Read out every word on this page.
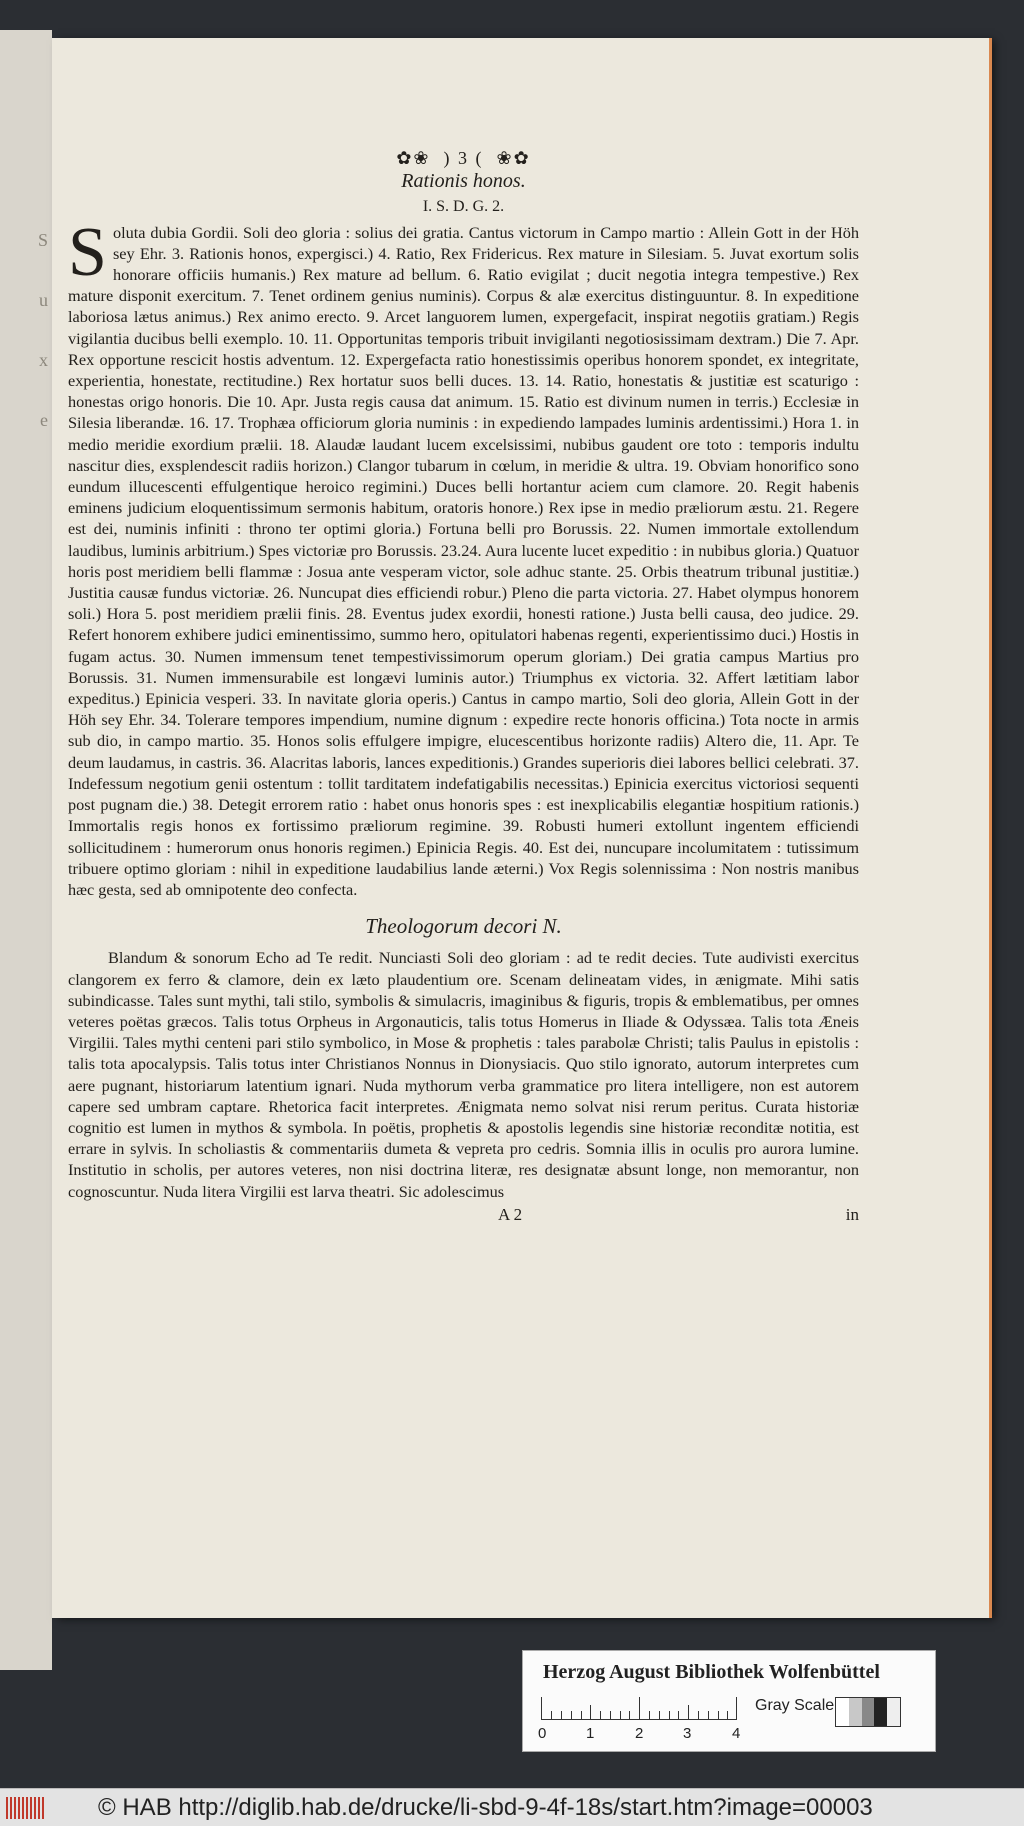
S
u
x
e
✿❀ ) 3 ( ❀✿
Rationis honos.
I. S. D. G. 2.
Soluta dubia Gordii. Soli deo gloria : solius dei gratia. Cantus victorum in Campo martio : Allein Gott in der Höh sey Ehr. 3. Rationis honos, expergisci.) 4. Ratio, Rex Fridericus. Rex mature in Silesiam. 5. Juvat exortum solis honorare officiis humanis.) Rex mature ad bellum. 6. Ratio evigilat ; ducit negotia integra tempestive.) Rex mature disponit exercitum. 7. Tenet ordinem genius numinis). Corpus & alæ exercitus distinguuntur. 8. In expeditione laboriosa lætus animus.) Rex animo erecto. 9. Arcet languorem lumen, expergefacit, inspirat negotiis gratiam.) Regis vigilantia ducibus belli exemplo. 10. 11. Opportunitas temporis tribuit invigilanti negotiosissimam dextram.) Die 7. Apr. Rex opportune rescicit hostis adventum. 12. Expergefacta ratio honestissimis operibus honorem spondet, ex integritate, experientia, honestate, rectitudine.) Rex hortatur suos belli duces. 13. 14. Ratio, honestatis & justitiæ est scaturigo : honestas origo honoris. Die 10. Apr. Justa regis causa dat animum. 15. Ratio est divinum numen in terris.) Ecclesiæ in Silesia liberandæ. 16. 17. Trophæa officiorum gloria numinis : in expediendo lampades luminis ardentissimi.) Hora 1. in medio meridie exordium prælii. 18. Alaudæ laudant lucem excelsissimi, nubibus gaudent ore toto : temporis indultu nascitur dies, exsplendescit radiis horizon.) Clangor tubarum in cœlum, in meridie & ultra. 19. Obviam honorifico sono eundum illucescenti effulgentique heroico regimini.) Duces belli hortantur aciem cum clamore. 20. Regit habenis eminens judicium eloquentissimum sermonis habitum, oratoris honore.) Rex ipse in medio præliorum æstu. 21. Regere est dei, numinis infiniti : throno ter optimi gloria.) Fortuna belli pro Borussis. 22. Numen immortale extollendum laudibus, luminis arbitrium.) Spes victoriæ pro Borussis. 23.24. Aura lucente lucet expeditio : in nubibus gloria.) Quatuor horis post meridiem belli flammæ : Josua ante vesperam victor, sole adhuc stante. 25. Orbis theatrum tribunal justitiæ.) Justitia causæ fundus victoriæ. 26. Nuncupat dies efficiendi robur.) Pleno die parta victoria. 27. Habet olympus honorem soli.) Hora 5. post meridiem prælii finis. 28. Eventus judex exordii, honesti ratione.) Justa belli causa, deo judice. 29. Refert honorem exhibere judici eminentissimo, summo hero, opitulatori habenas regenti, experientissimo duci.) Hostis in fugam actus. 30. Numen immensum tenet tempestivissimorum operum gloriam.) Dei gratia campus Martius pro Borussis. 31. Numen immensurabile est longævi luminis autor.) Triumphus ex victoria. 32. Affert lætitiam labor expeditus.) Epinicia vesperi. 33. In navitate gloria operis.) Cantus in campo martio, Soli deo gloria, Allein Gott in der Höh sey Ehr. 34. Tolerare tempores impendium, numine dignum : expedire recte honoris officina.) Tota nocte in armis sub dio, in campo martio. 35. Honos solis effulgere impigre, elucescentibus horizonte radiis) Altero die, 11. Apr. Te deum laudamus, in castris. 36. Alacritas laboris, lances expeditionis.) Grandes superioris diei labores bellici celebrati. 37. Indefessum negotium genii ostentum : tollit tarditatem indefatigabilis necessitas.) Epinicia exercitus victoriosi sequenti post pugnam die.) 38. Detegit errorem ratio : habet onus honoris spes : est inexplicabilis elegantiæ hospitium rationis.) Immortalis regis honos ex fortissimo præliorum regimine. 39. Robusti humeri extollunt ingentem efficiendi sollicitudinem : humerorum onus honoris regimen.) Epinicia Regis. 40. Est dei, nuncupare incolumitatem : tutissimum tribuere optimo gloriam : nihil in expeditione laudabilius lande æterni.) Vox Regis solennissima : Non nostris manibus hæc gesta, sed ab omnipotente deo confecta.
Theologorum decori N.
Blandum & sonorum Echo ad Te redit. Nunciasti Soli deo gloriam : ad te redit decies. Tute audivisti exercitus clangorem ex ferro & clamore, dein ex læto plaudentium ore. Scenam delineatam vides, in ænigmate. Mihi satis subindicasse. Tales sunt mythi, tali stilo, symbolis & simulacris, imaginibus & figuris, tropis & emblematibus, per omnes veteres poëtas græcos. Talis totus Orpheus in Argonauticis, talis totus Homerus in Iliade & Odyssæa. Talis tota Æneis Virgilii. Tales mythi centeni pari stilo symbolico, in Mose & prophetis : tales parabolæ Christi; talis Paulus in epistolis : talis tota apocalypsis. Talis totus inter Christianos Nonnus in Dionysiacis. Quo stilo ignorato, autorum interpretes cum aere pugnant, historiarum latentium ignari. Nuda mythorum verba grammatice pro litera intelligere, non est autorem capere sed umbram captare. Rhetorica facit interpretes. Ænigmata nemo solvat nisi rerum peritus. Curata historiæ cognitio est lumen in mythos & symbola. In poëtis, prophetis & apostolis legendis sine historiæ reconditæ notitia, est errare in sylvis. In scholiastis & commentariis dumeta & vepreta pro cedris. Somnia illis in oculis pro aurora lumine. Institutio in scholis, per autores veteres, non nisi doctrina literæ, res designatæ absunt longe, non memorantur, non cognoscuntur. Nuda litera Virgilii est larva theatri. Sic adolescimus
A 2	in
Herzog August Bibliothek Wolfenbüttel
0	1	2	3	4
Gray Scale
© HAB http://diglib.hab.de/drucke/li-sbd-9-4f-18s/start.htm?image=00003
